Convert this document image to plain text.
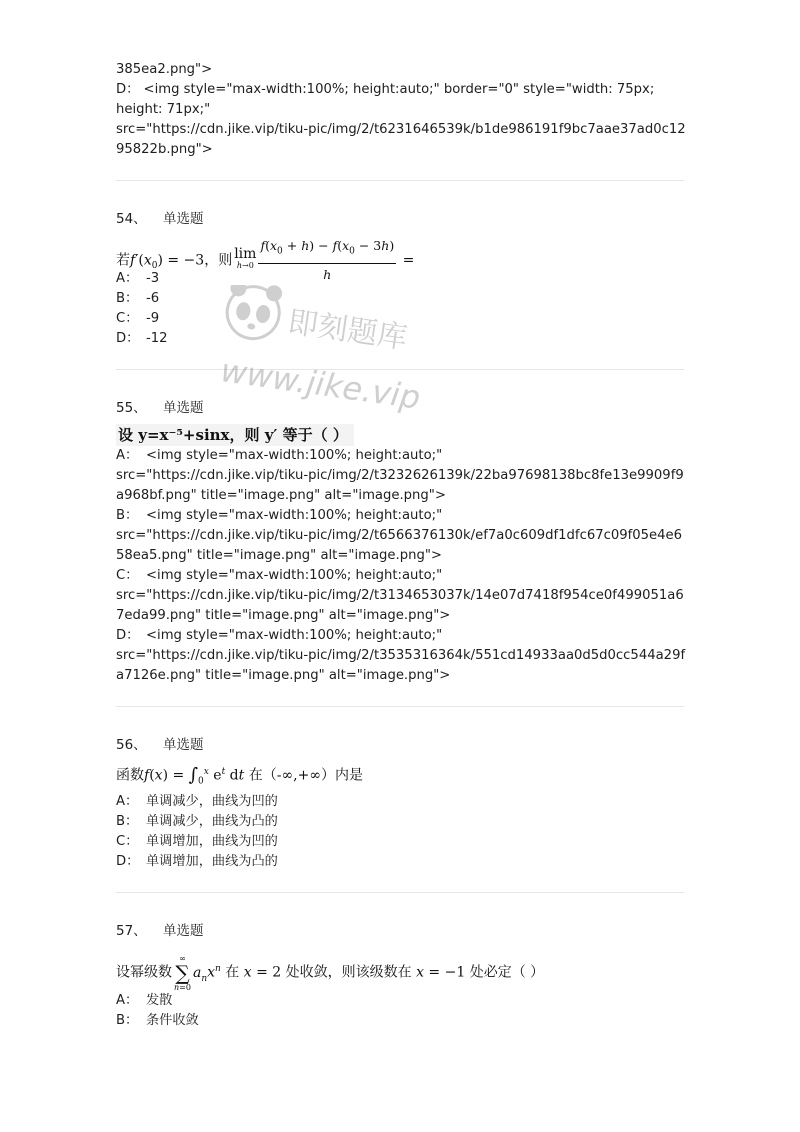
385ea2.png">
D： <img style="max-width:100%; height:auto;" border="0" style="width: 75px;
height: 71px;"
src="https://cdn.jike.vip/tiku-pic/img/2/t6231646539k/b1de986191f9bc7aae37ad0c12
95822b.png">
54、 单选题
若$f'(x_0) = -3$，则 lim
$h\to 0 \frac{f(x_0 + h) - f(x_0 - 3h)}{h}$ =
A： -3
B： -6
C： -9
D： -12
55、 单选题
设 y=x⁻⁵+sinx，则 y′ 等于（ ）
A： <img style="max-width:100%; height:auto;"
src="https://cdn.jike.vip/tiku-pic/img/2/t3232626139k/22ba97698138bc8fe13e9909f9
a968bf.png" title="image.png" alt="image.png">
B： <img style="max-width:100%; height:auto;"
src="https://cdn.jike.vip/tiku-pic/img/2/t6566376130k/ef7a0c609df1dfc67c09f05e4e6
58ea5.png" title="image.png" alt="image.png">
C： <img style="max-width:100%; height:auto;"
src="https://cdn.jike.vip/tiku-pic/img/2/t3134653037k/14e07d7418f954ce0f499051a6
7eda99.png" title="image.png" alt="image.png">
D： <img style="max-width:100%; height:auto;"
src="https://cdn.jike.vip/tiku-pic/img/2/t3535316364k/551cd14933aa0d5d0cc544a29f
a7126e.png" title="image.png" alt="image.png">
56、 单选题
函数$f(x) = \int_0^x$ $e^t$ dt 在（-∞,+∞）内是
A： 单调减少，曲线为凹的
B： 单调减少，曲线为凸的
C： 单调增加，曲线为凹的
D： 单调增加，曲线为凸的
57、 单选题
设幂级数
∞
∑
n=0
$a_nx^n$ 在 x = 2 处收敛，则该级数在 x = −1 处必定（ ）
A： 发散
B： 条件收敛
即刻题库
www.jike.vip
